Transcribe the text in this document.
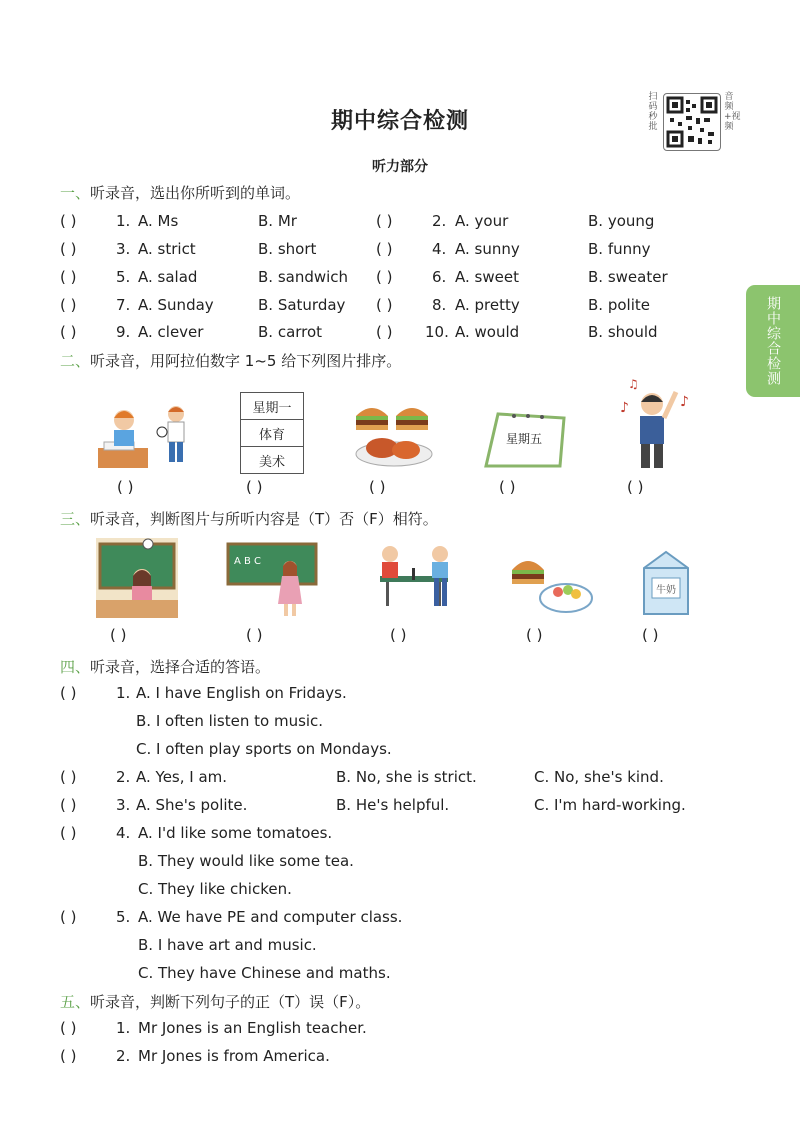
期中综合检测
听力部分
扫码秒批
音频+视频
期中综合检测
一、听录音，选出你所听到的单词。
( )	1. A. Ms	B. Mr	( )	2. A. your	B. young
( )	3. A. strict	B. short	( )	4. A. sunny	B. funny
( )	5. A. salad	B. sandwich ( )	6. A. sweet	B. sweater
( )	7. A. Sunday	B. Saturday ( )	8. A. pretty	B. polite
( )	9. A. clever	B. carrot	( ) 10. A. would	B. should
二、听录音，用阿拉伯数字 1~5 给下列图片排序。
( )
星期一
体育
美术
( )	( )
星期五
( )
♪	♪
♫
( )
三、听录音，判断图片与所听内容是（T）否（F）相符。
( )
A B C
( )	( )	( )
牛奶
( )
四、听录音，选择合适的答语。
( )	1. A. I have English on Fridays.
B. I often listen to music.
C. I often play sports on Mondays.
( )	2. A. Yes, I am.	B. No, she is strict.	C. No, she's kind.
( )	3. A. She's polite.	B. He's helpful.	C. I'm hard-working.
( )	4. A. I'd like some tomatoes.
B. They would like some tea.
C. They like chicken.
( )	5. A. We have PE and computer class.
B. I have art and music.
C. They have Chinese and maths.
五、听录音，判断下列句子的正（T）误（F）。
( )	1. Mr Jones is an English teacher.
( )	2. Mr Jones is from America.
